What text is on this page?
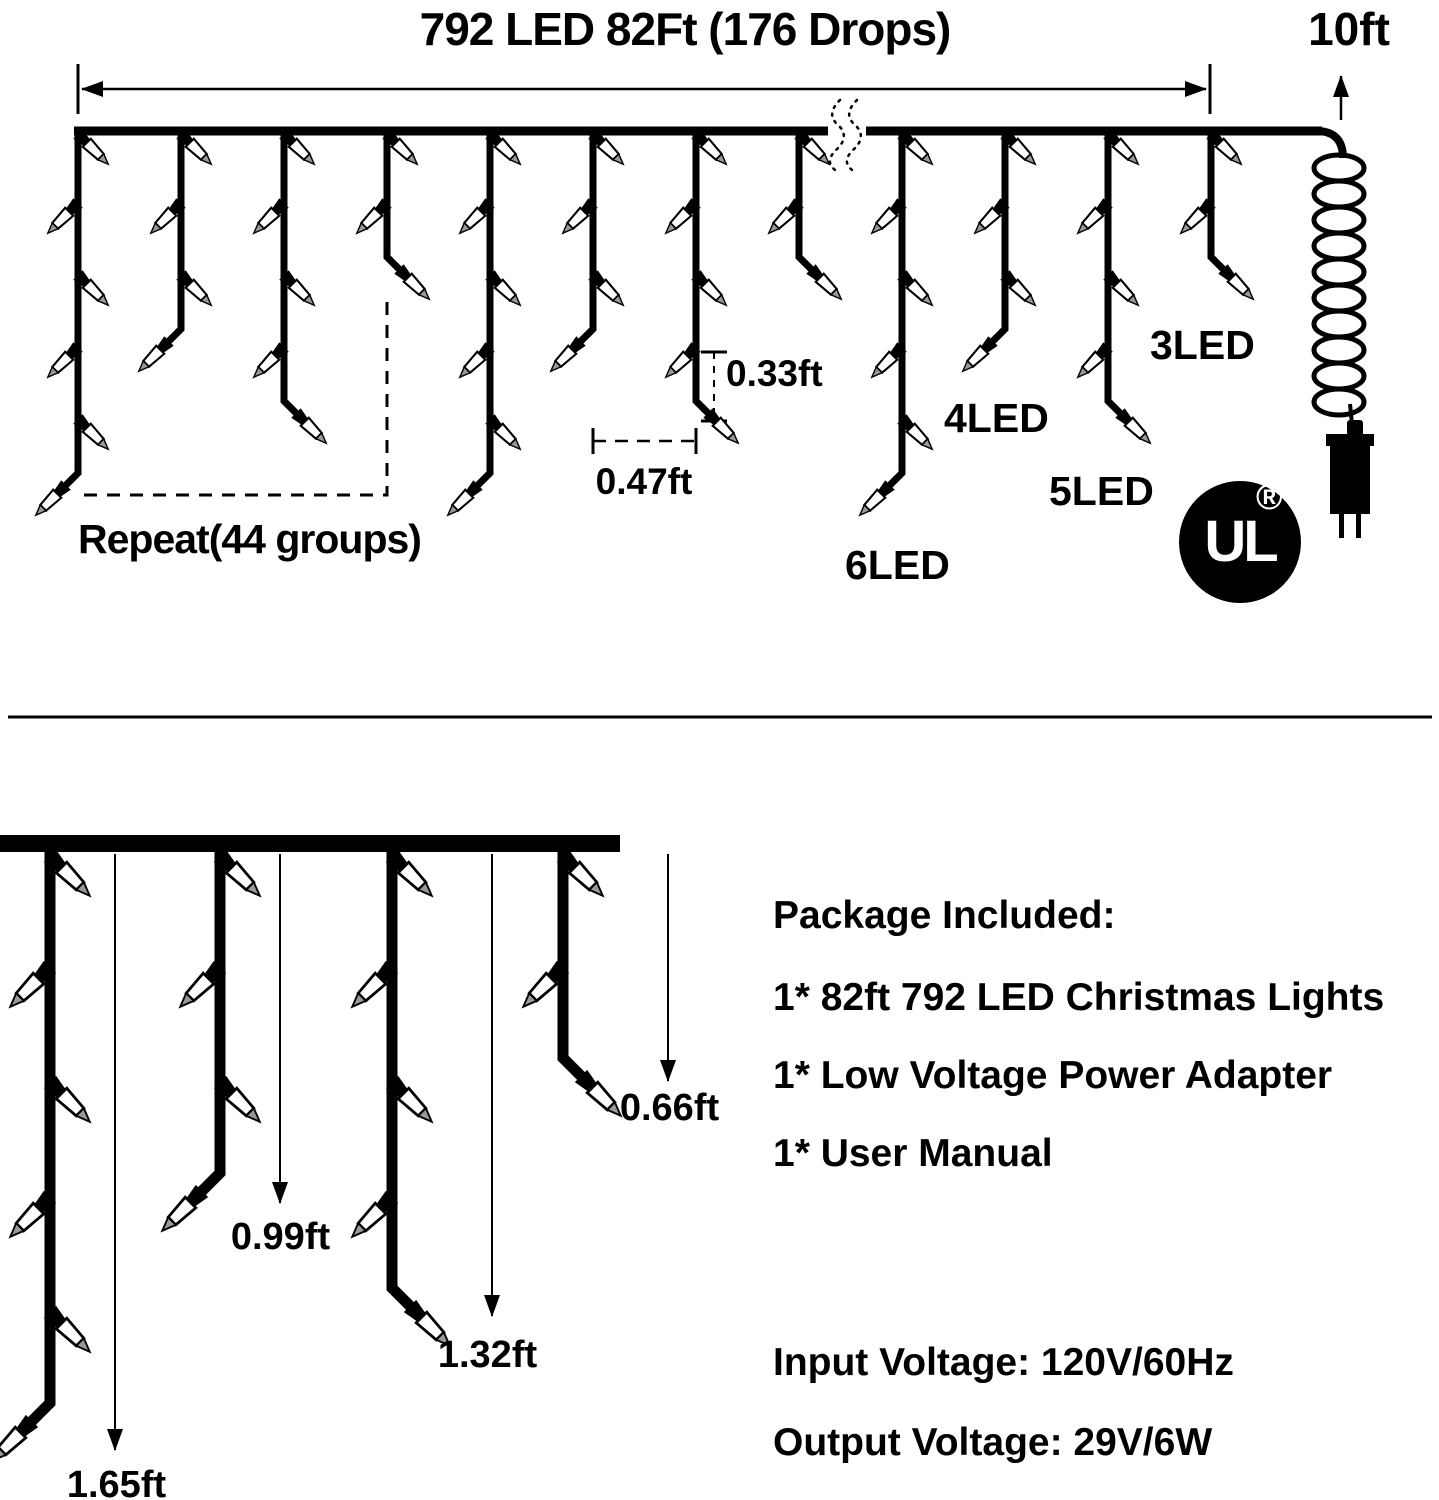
792 LED 82Ft (176 Drops)	10ft
0.33ft
0.47ft
3LED
4LED
5LED
6LED
Repeat(44 groups)	UL
®
Package Included:
1* 82ft 792 LED Christmas Lights
1* Low Voltage Power Adapter
1* User Manual
Input Voltage: 120V/60Hz
Output Voltage: 29V/6W
1.65ft
0.99ft
1.32ft
0.66ft
